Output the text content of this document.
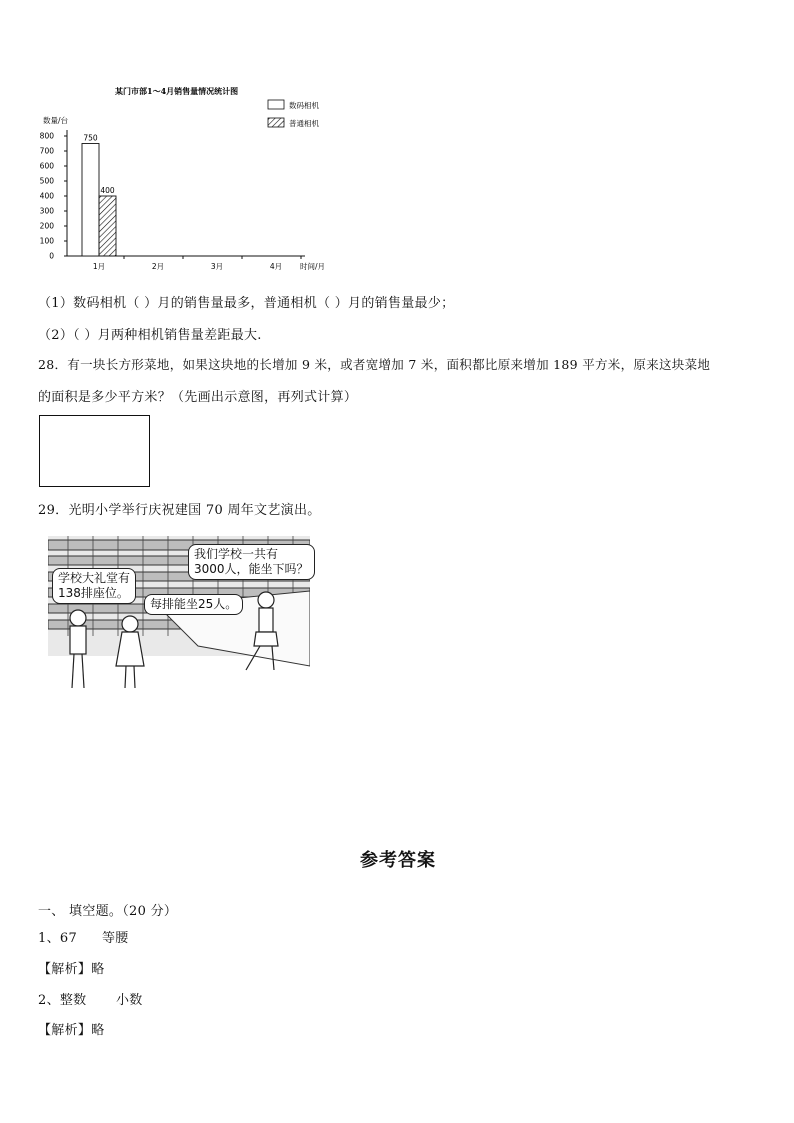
某门市部1～4月销售量情况统计图
数量/台
0
100
200
300
400
500
600
700
800	750
400
1月	2月	3月	4月 时间/月
数码相机
普通相机
（1）数码相机（ ）月的销售量最多，普通相机（ ）月的销售量最少；
（2）（ ）月两种相机销售量差距最大.
28．有一块长方形菜地，如果这块地的长增加 9 米，或者宽增加 7 米，面积都比原来增加 189 平方米，原来这块菜地
的面积是多少平方米？（先画出示意图，再列式计算）
29．光明小学举行庆祝建国 70 周年文艺演出。
学校大礼堂有
138排座位。
每排能坐25人。
我们学校一共有
3000人，能坐下吗？
参考答案
一、 填空题。（20 分）
1、67 等腰
【解析】略
2、整数 小数
【解析】略
